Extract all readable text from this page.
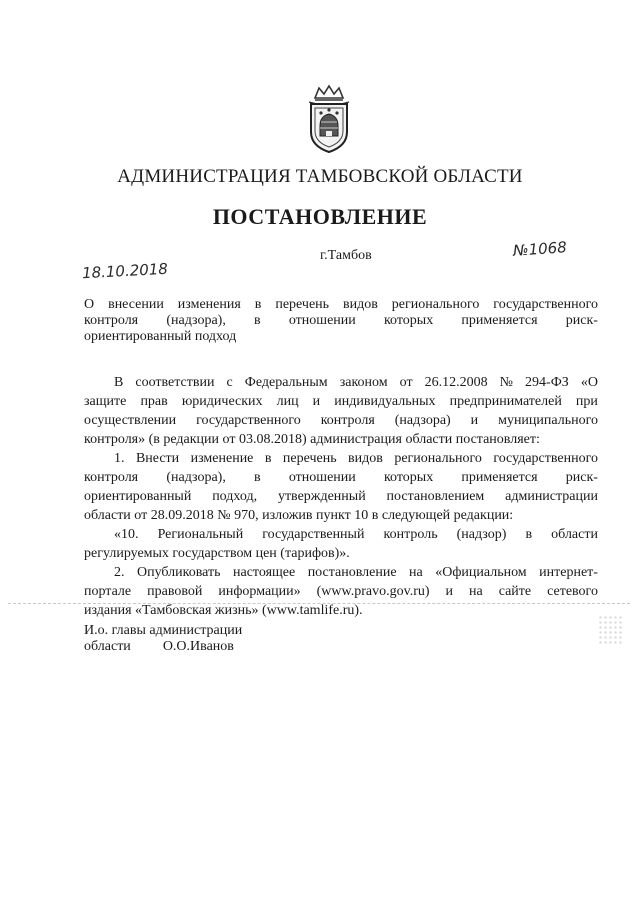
АДМИНИСТРАЦИЯ ТАМБОВСКОЙ ОБЛАСТИ
ПОСТАНОВЛЕНИЕ
г.Тамбов
18.10.2018
№1068
О внесении изменения в перечень видов регионального государственного
контроля (надзора), в отношении которых применяется риск-
ориентированный подход
В соответствии с Федеральным законом от 26.12.2008 № 294-ФЗ «О
защите прав юридических лиц и индивидуальных предпринимателей при
осуществлении государственного контроля (надзора) и муниципального
контроля» (в редакции от 03.08.2018) администрация области постановляет:
1. Внести изменение в перечень видов регионального государственного
контроля (надзора), в отношении которых применяется риск-
ориентированный подход, утвержденный постановлением администрации
области от 28.09.2018 № 970, изложив пункт 10 в следующей редакции:
«10. Региональный государственный контроль (надзор) в области
регулируемых государством цен (тарифов)».
2. Опубликовать настоящее постановление на «Официальном интернет-
портале правовой информации» (www.pravo.gov.ru) и на сайте сетевого
издания «Тамбовская жизнь» (www.tamlife.ru).
И.о. главы администрации
области О.О.Иванов
